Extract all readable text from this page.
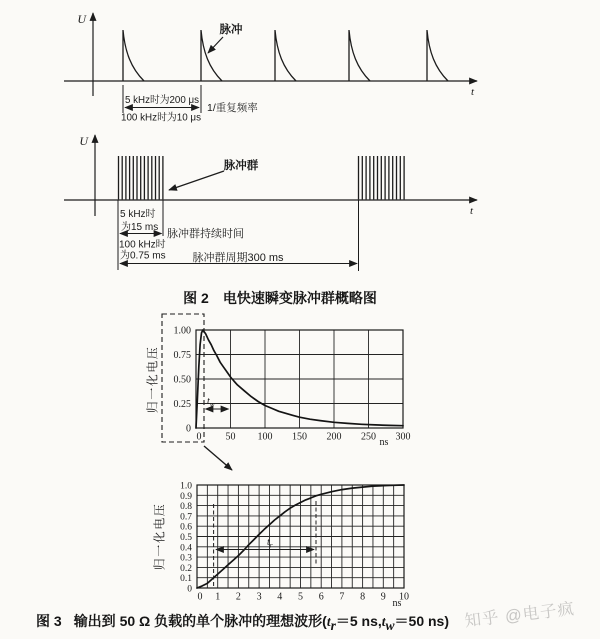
U
t
脉冲
5 kHz时为200 μs
1/重复频率
100 kHz时为10 μs
U
t
脉冲群
5 kHz时
为15 ms
脉冲群持续时间
100 kHz时
为0.75 ms 脉冲群周期300 ms
1.00
0.75
0.50
0.25
0
0 50 100 150 200 250 300
ns
$t_w$
1.0
0.9
0.8
0.7
0.6
0.5
0.4
0.3
0.2
0.1
0
0 1 2 3 4 5 6 7 8 9 10
ns
$t_r$
归一化电压
归一化电压
图 2　电快速瞬变脉冲群概略图
图 3 输出到 50 Ω 负载的单个脉冲的理想波形($t_r=5$ $ns,t_w=50$ ns) 知乎 @电子疯
